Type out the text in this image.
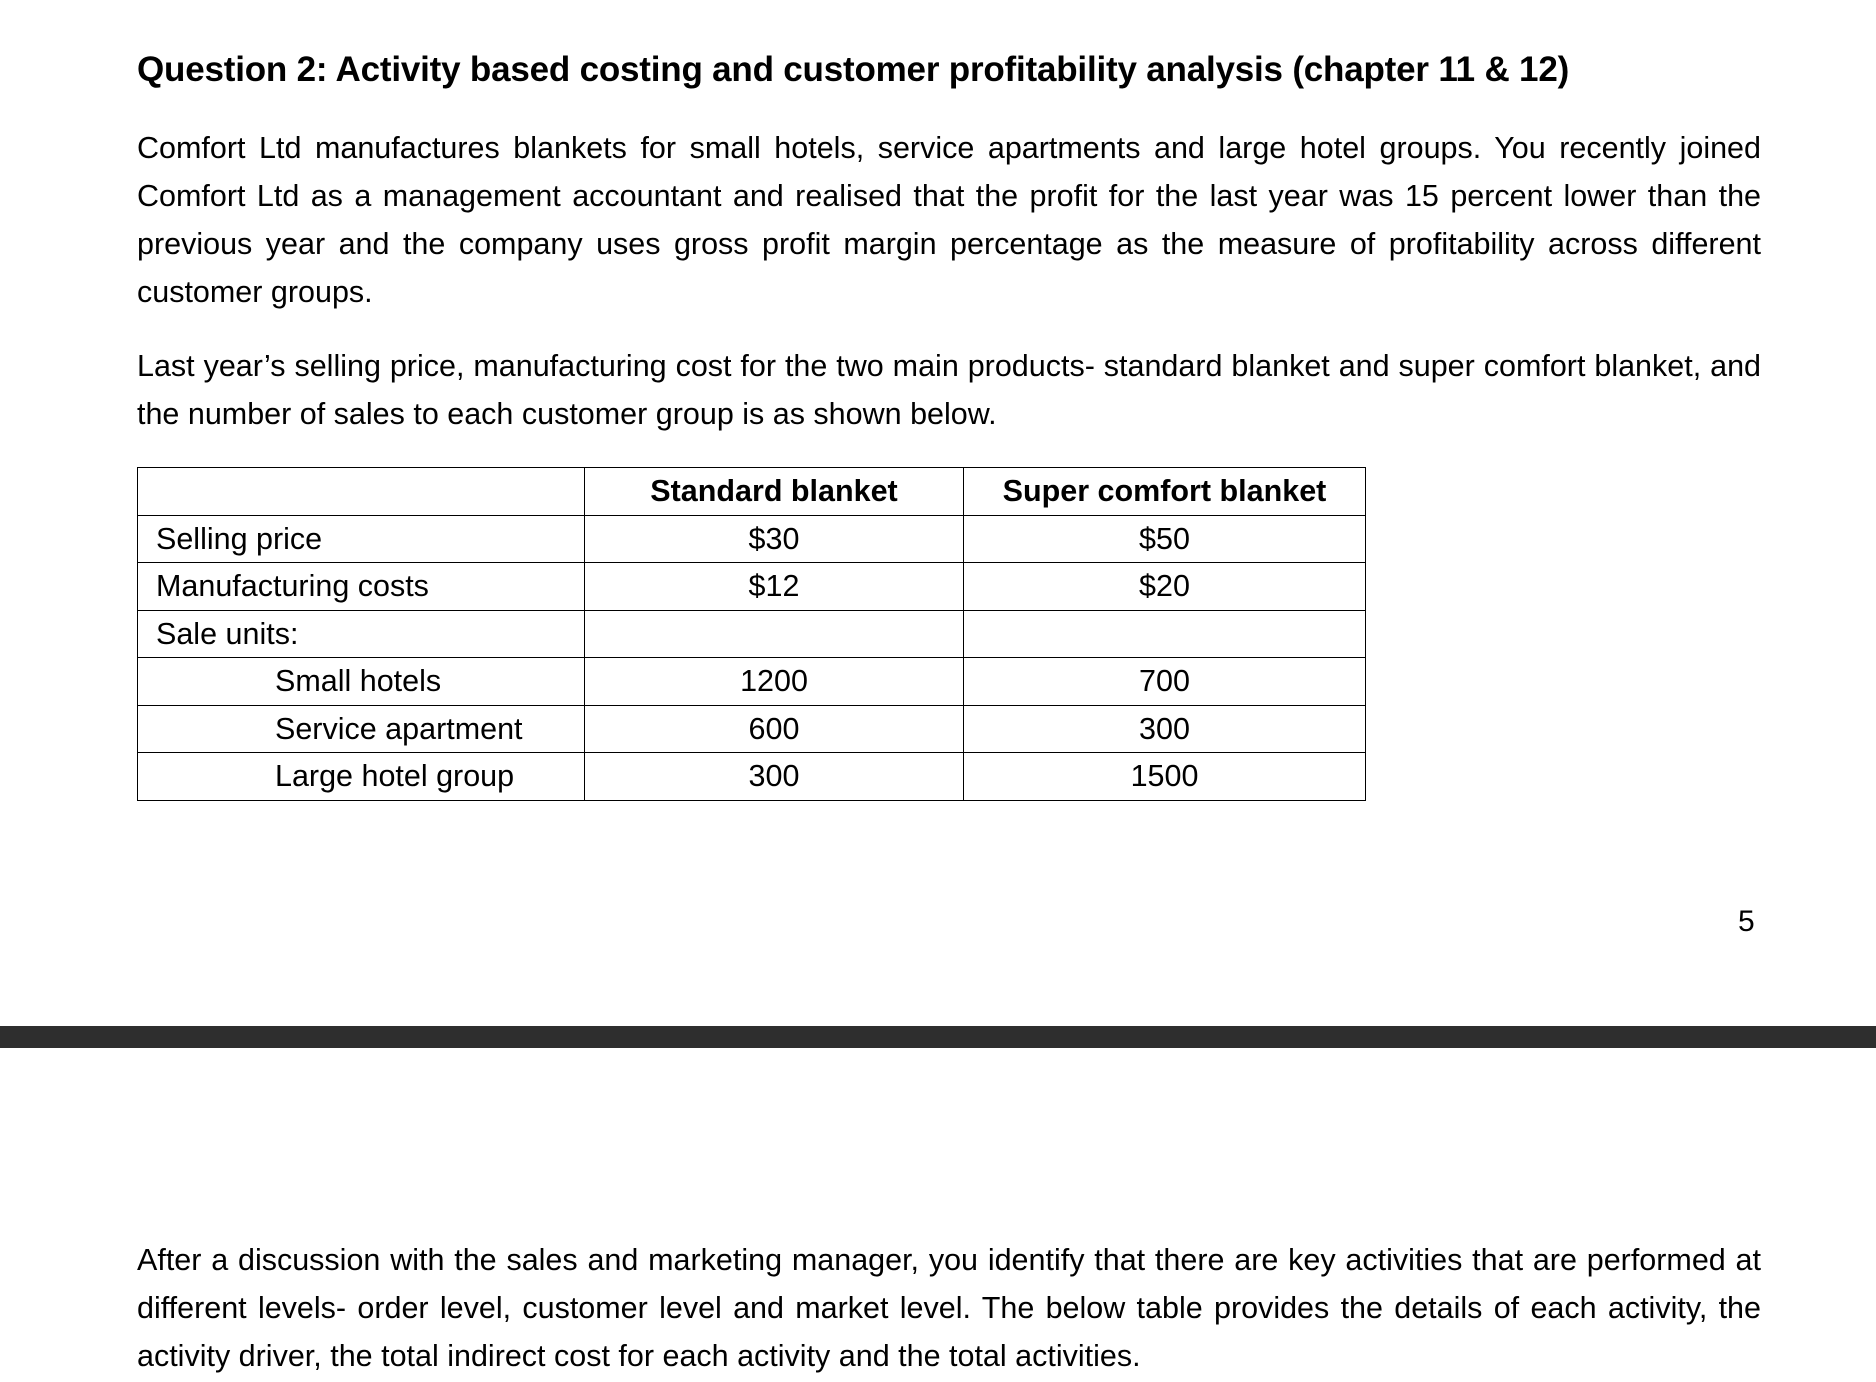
Question 2: Activity based costing and customer profitability analysis (chapter 11 & 12)

Comfort Ltd manufactures blankets for small hotels, service apartments and large hotel groups. You recently joined Comfort Ltd as a management accountant and realised that the profit for the last year was 15 percent lower than the previous year and the company uses gross profit margin percentage as the measure of profitability across different customer groups.

Last year’s selling price, manufacturing cost for the two main products- standard blanket and super comfort blanket, and the number of sales to each customer group is as shown below.

	Standard blanket	Super comfort blanket
Selling price	$30	$50
Manufacturing costs	$12	$20
Sale units:		
Small hotels	1200	700
Service apartment	600	300
Large hotel group	300	1500
5

After a discussion with the sales and marketing manager, you identify that there are key activities that are performed at different levels- order level, customer level and market level. The below table provides the details of each activity, the activity driver, the total indirect cost for each activity and the total activities.
